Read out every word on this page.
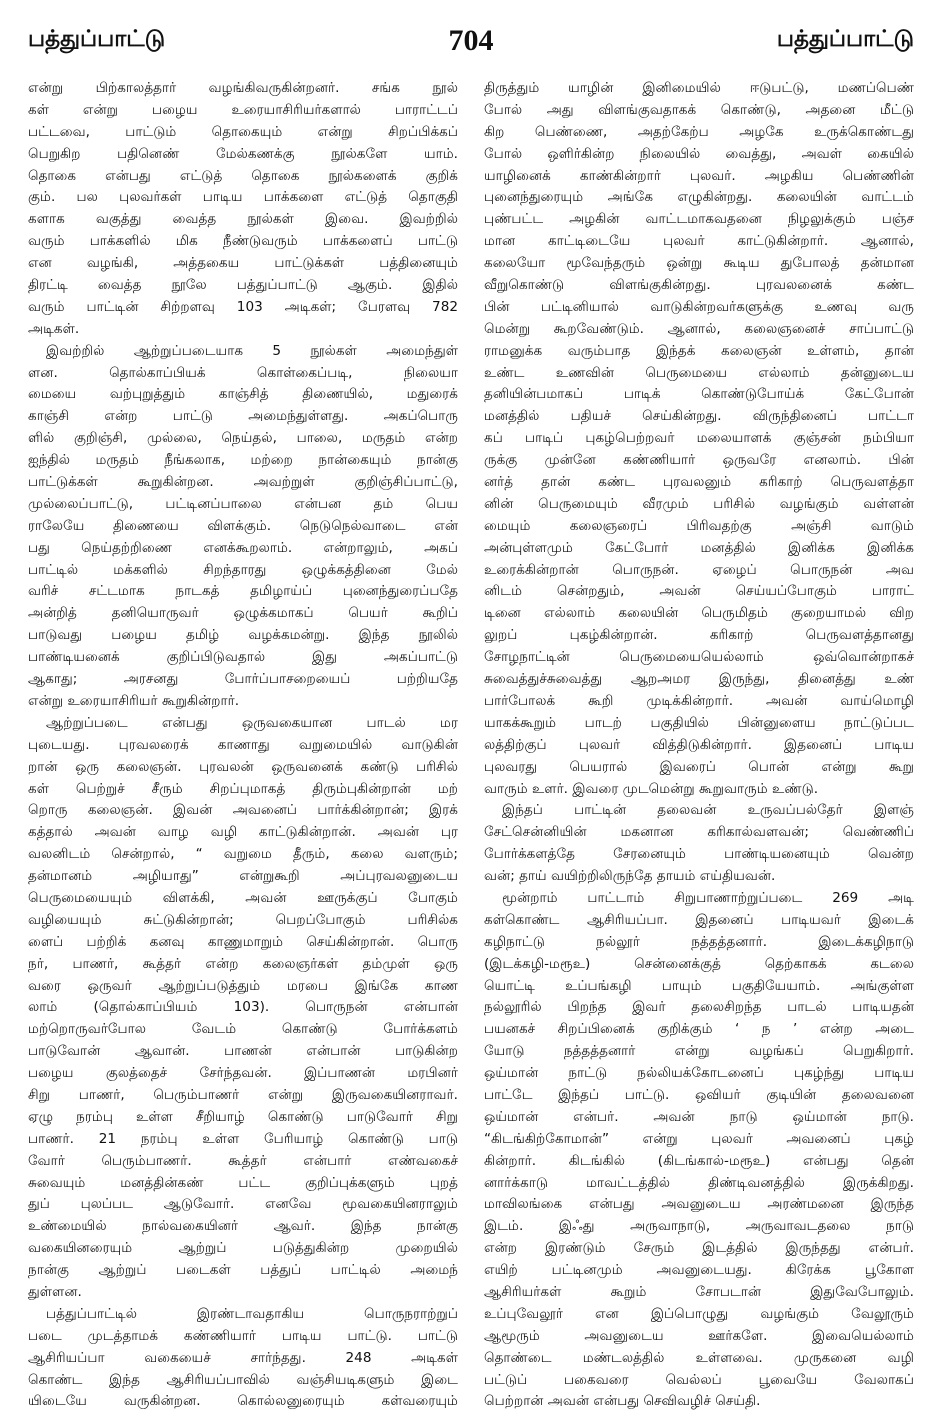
பத்துப்பாட்டு	704	பத்துப்பாட்டு
என்று பிற்காலத்தார் வழங்கிவருகின்றனர். சங்க நூல்
கள் என்று பழைய உரையாசிரியர்களால் பாராட்டப்
பட்டவை, பாட்டும் தொகையும் என்று சிறப்பிக்கப்
பெறுகிற பதினெண் மேல்கணக்கு நூல்களே யாம்.
தொகை என்பது எட்டுத் தொகை நூல்களைக் குறிக்
கும். பல புலவர்கள் பாடிய பாக்களை எட்டுத் தொகுதி
களாக வகுத்து வைத்த நூல்கள் இவை. இவற்றில்
வரும் பாக்களில் மிக நீண்டுவரும் பாக்களைப் பாட்டு
என வழங்கி, அத்தகைய பாட்டுக்கள் பத்தினையும்
திரட்டி வைத்த நூலே பத்துப்பாட்டு ஆகும். இதில்
வரும் பாட்டின் சிற்றளவு 103 அடிகள்; பேரளவு 782
அடிகள்.
இவற்றில் ஆற்றுப்படையாக 5 நூல்கள் அமைந்துள்
ளன. தொல்காப்பியக் கொள்கைப்படி, நிலையா
மையை வற்புறுத்தும் காஞ்சித் திணையில், மதுரைக்
காஞ்சி என்ற பாட்டு அமைந்துள்ளது. அகப்பொரு
ளில் குறிஞ்சி, முல்லை, நெய்தல், பாலை, மருதம் என்ற
ஐந்தில் மருதம் நீங்கலாக, மற்றை நான்கையும் நான்கு
பாட்டுக்கள் கூறுகின்றன. அவற்றுள் குறிஞ்சிப்பாட்டு,
முல்லைப்பாட்டு, பட்டினப்பாலை என்பன தம் பெய
ராலேயே திணையை விளக்கும். நெடுநெல்வாடை என்
பது நெய்தற்றிணை எனக்கூறலாம். என்றாலும், அகப்
பாட்டில் மக்களில் சிறந்தாரது ஒழுக்கத்தினை மேல்
வரிச் சட்டமாக நாடகத் தமிழாய்ப் புனைந்துரைப்பதே
அன்றித் தனியொருவர் ஒழுக்கமாகப் பெயர் கூறிப்
பாடுவது பழைய தமிழ் வழக்கமன்று. இந்த நூலில்
பாண்டியனைக் குறிப்பிடுவதால் இது அகப்பாட்டு
ஆகாது; அரசனது போர்ப்பாசறையைப் பற்றியதே
என்று உரையாசிரியர் கூறுகின்றார்.
ஆற்றுப்படை என்பது ஒருவகையான பாடல் மர
புடையது. புரவலரைக் காணாது வறுமையில் வாடுகின்
றான் ஒரு கலைஞன். புரவலன் ஒருவனைக் கண்டு பரிசில்
கள் பெற்றுச் சீரும் சிறப்புமாகத் திரும்புகின்றான் மற்
றொரு கலைஞன். இவன் அவனைப் பார்க்கின்றான்; இரக்
கத்தால் அவன் வாழ வழி காட்டுகின்றான். அவன் புர
வலனிடம் சென்றால், “ வறுமை தீரும், கலை வளரும்;
தன்மானம் அழியாது” என்றுகூறி அப்புரவலனுடைய
பெருமையையும் விளக்கி, அவன் ஊருக்குப் போகும்
வழியையும் சுட்டுகின்றான்; பெறப்போகும் பரிசில்க
ளைப் பற்றிக் கனவு காணுமாறும் செய்கின்றான். பொரு
நர், பாணர், கூத்தர் என்ற கலைஞர்கள் தம்முள் ஒரு
வரை ஒருவர் ஆற்றுப்படுத்தும் மரபை இங்கே காண
லாம் (தொல்காப்பியம் 103). பொருநன் என்பான்
மற்றொருவர்போல வேடம் கொண்டு போர்க்களம்
பாடுவோன் ஆவான். பாணன் என்பான் பாடுகின்ற
பழைய குலத்தைச் சேர்ந்தவன். இப்பாணன் மரபினர்
சிறு பாணர், பெரும்பாணர் என்று இருவகையினராவர்.
ஏழு நரம்பு உள்ள சீறியாழ் கொண்டு பாடுவோர் சிறு
பாணர். 21 நரம்பு உள்ள பேரியாழ் கொண்டு பாடு
வோர் பெரும்பாணர். கூத்தர் என்பார் எண்வகைச்
சுவையும் மனத்தின்கண் பட்ட குறிப்புக்களும் புறத்
துப் புலப்பட ஆடுவோர். எனவே மூவகையினராலும்
உண்மையில் நால்வகையினர் ஆவர். இந்த நான்கு
வகையினரையும் ஆற்றுப் படுத்துகின்ற முறையில்
நான்கு ஆற்றுப் படைகள் பத்துப் பாட்டில் அமைந்
துள்ளன.
பத்துப்பாட்டில் இரண்டாவதாகிய பொருநராற்றுப்
படை முடத்தாமக் கண்ணியார் பாடிய பாட்டு. பாட்டு
ஆசிரியப்பா வகையைச் சார்ந்தது. 248 அடிகள்
கொண்ட இந்த ஆசிரியப்பாவில் வஞ்சியடிகளும் இடை
யிடையே வருகின்றன. கொல்லனுரையும் கள்வரையும்
திருத்தும் யாழின் இனிமையில் ஈடுபட்டு, மணப்பெண்
போல் அது விளங்குவதாகக் கொண்டு, அதனை மீட்டு
கிற பெண்ணை, அதற்கேற்ப அழகே உருக்கொண்டது
போல் ஒளிர்கின்ற நிலையில் வைத்து, அவள் கையில்
யாழினைக் காண்கின்றார் புலவர். அழகிய பெண்ணின்
புனைந்துரையும் அங்கே எழுகின்றது. கலையின் வாட்டம்
புண்பட்ட அழகின் வாட்டமாகவதனை நிழலுக்கும் பஞ்ச
மான காட்டிடையே புலவர் காட்டுகின்றார். ஆனால்,
கலையோ மூவேந்தரும் ஒன்று கூடிய துபோலத் தன்மான
வீறுகொண்டு விளங்குகின்றது. புரவலனைக் கண்ட
பின் பட்டினியால் வாடுகின்றவர்களுக்கு உணவு வரு
மென்று கூறவேண்டும். ஆனால், கலைஞனைச் சாப்பாட்டு
ராமனுக்க வரும்பாத இந்தக் கலைஞன் உள்ளம், தான்
உண்ட உணவின் பெருமையை எல்லாம் தன்னுடைய
தனியின்பமாகப் பாடிக் கொண்டுபோய்க் கேட்போன்
மனத்தில் பதியச் செய்கின்றது. விருந்தினைப் பாட்டா
கப் பாடிப் புகழ்பெற்றவர் மலையாளக் குஞ்சன் நம்பியா
ருக்கு முன்னே கண்ணியார் ஒருவரே எனலாம். பின்
னர்த் தான் கண்ட புரவலனும் கரிகாற் பெருவளத்தா
னின் பெருமையும் வீரமும் பரிசில் வழங்கும் வள்ளன்
மையும் கலைஞரைப் பிரிவதற்கு அஞ்சி வாடும்
அன்புள்ளமும் கேட்போர் மனத்தில் இனிக்க இனிக்க
உரைக்கின்றான் பொருநன். ஏழைப் பொருநன் அவ
னிடம் சென்றதும், அவன் செய்யப்போகும் பாராட்
டினை எல்லாம் கலையின் பெருமிதம் குறையாமல் விற
லுறப் புகழ்கின்றான். கரிகாற் பெருவளத்தானது
சோழநாட்டின் பெருமையையெல்லாம் ஒவ்வொன்றாகச்
சுவைத்துச்சுவைத்து ஆறஅமர இருந்து, தினைத்து உண்
பார்போலக் கூறி முடிக்கின்றார். அவன் வாய்மொழி
யாகக்கூறும் பாடற் பகுதியில் பின்னுளைய நாட்டுப்பட
லத்திற்குப் புலவர் வித்திடுகின்றார். இதனைப் பாடிய
புலவரது பெயரால் இவரைப் பொன் என்று கூறு
வாரும் உளர். இவரை முடமென்று கூறுவாரும் உண்டு.
இந்தப் பாட்டின் தலைவன் உருவப்பல்தேர் இளஞ்
சேட்சென்னியின் மகனான கரிகால்வளவன்; வெண்ணிப்
போர்க்களத்தே சேரனையும் பாண்டியனையும் வென்ற
வன்; தாய் வயிற்றிலிருந்தே தாயம் எய்தியவன்.
மூன்றாம் பாட்டாம் சிறுபாணாற்றுப்படை 269 அடி
கள்கொண்ட ஆசிரியப்பா. இதனைப் பாடியவர் இடைக்
கழிநாட்டு நல்லூர் நத்தத்தனார். இடைக்கழிநாடு
(இடக்கழி-மரூஉ) சென்னைக்குத் தெற்காகக் கடலை
யொட்டி உப்பங்கழி பாயும் பகுதியேயாம். அங்குள்ள
நல்லூரில் பிறந்த இவர் தலைசிறந்த பாடல் பாடியதன்
பயனகச் சிறப்பினைக் குறிக்கும் ‘ ந ’ என்ற அடை
யோடு நத்தத்தனார் என்று வழங்கப் பெறுகிறார்.
ஒய்மான் நாட்டு நல்லியக்கோடனைப் புகழ்ந்து பாடிய
பாட்டே இந்தப் பாட்டு. ஒவியர் குடியின் தலைவனை
ஒய்மான் என்பர். அவன் நாடு ஒய்மான் நாடு.
“கிடங்கிற்கோமான்” என்று புலவர் அவனைப் புகழ்
கின்றார். கிடங்கில் (கிடங்கால்-மரூஉ) என்பது தென்
னார்க்காடு மாவட்டத்தில் திண்டிவனத்தில் இருக்கிறது.
மாவிலங்கை என்பது அவனுடைய அரண்மனை இருந்த
இடம். இஃது அருவாநாடு, அருவாவடதலை நாடு
என்ற இரண்டும் சேரும் இடத்தில் இருந்தது என்பர்.
எயிற் பட்டினமும் அவனுடையது. கிரேக்க பூகோள
ஆசிரியர்கள் கூறும் சோபடான் இதுவேபோலும்.
உப்புவேலூர் என இப்பொழுது வழங்கும் வேலூரும்
ஆமூரும் அவனுடைய ஊர்களே. இவையெல்லாம்
தொண்டை மண்டலத்தில் உள்ளவை. முருகனை வழி
பட்டுப் பகைவரை வெல்லப் பூவையே வேலாகப்
பெற்றான் அவன் என்பது செவிவழிச் செய்தி.
